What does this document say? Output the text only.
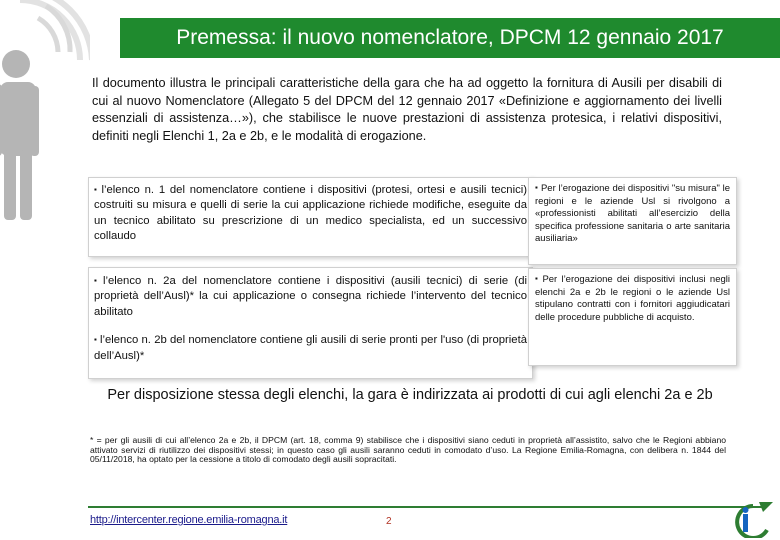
Premessa: il nuovo nomenclatore, DPCM 12 gennaio 2017
Il documento illustra le principali caratteristiche della gara che ha ad oggetto la fornitura di Ausili per disabili di cui al nuovo Nomenclatore (Allegato 5 del DPCM del 12 gennaio 2017 «Definizione e aggiornamento dei livelli essenziali di assistenza…»), che stabilisce le nuove prestazioni di assistenza protesica, i relativi dispositivi, definiti negli Elenchi 1, 2a e 2b, e le modalità di erogazione.

▪ l’elenco n. 1 del nomenclatore contiene i dispositivi (protesi, ortesi e ausili tecnici) costruiti su misura e quelli di serie la cui applicazione richiede modifiche, eseguite da un tecnico abilitato su prescrizione di un medico specialista, ed un successivo collaudo

▪ l’elenco n. 2a del nomenclatore contiene i dispositivi (ausili tecnici) di serie (di proprietà dell’Ausl)* la cui applicazione o consegna richiede l’intervento del tecnico abilitato

▪ l’elenco n. 2b del nomenclatore contiene gli ausili di serie pronti per l'uso (di proprietà dell’Ausl)*

▪ Per l’erogazione dei dispositivi "su misura" le regioni e le aziende Usl si rivolgono a «professionisti abilitati all’esercizio della specifica professione sanitaria o arte sanitaria ausiliaria»

▪ Per l’erogazione dei dispositivi inclusi negli elenchi 2a e 2b le regioni o le aziende Usl stipulano contratti con i fornitori aggiudicatari delle procedure pubbliche di acquisto.

Per disposizione stessa degli elenchi, la gara è indirizzata ai prodotti di cui agli elenchi 2a e 2b
* = per gli ausili di cui all’elenco 2a e 2b, il DPCM (art. 18, comma 9) stabilisce che i dispositivi siano ceduti in proprietà all’assistito, salvo che le Regioni abbiano attivato servizi di riutilizzo dei dispositivi stessi; in questo caso gli ausili saranno ceduti in comodato d’uso. La Regione Emilia-Romagna, con delibera n. 1844 del 05/11/2018, ha optato per la cessione a titolo di comodato degli ausili sopracitati.
http://intercenter.regione.emilia-romagna.it	2
